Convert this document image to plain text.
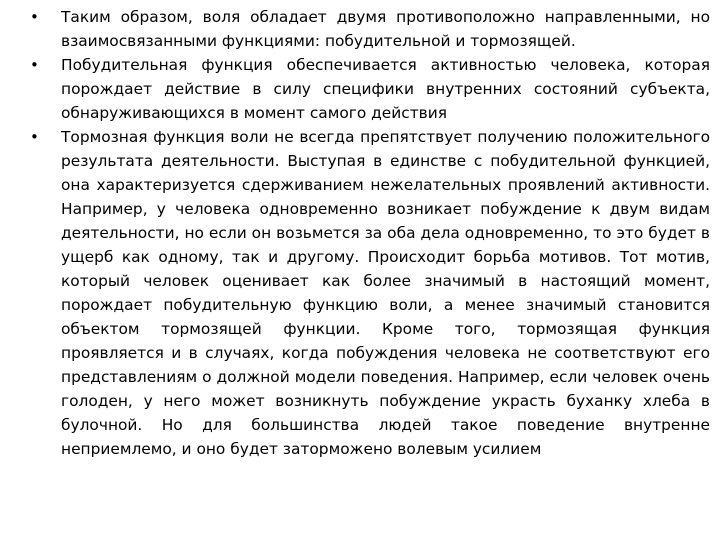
•	Таким образом, воля обладает двумя противоположно направленными, но взаимосвязанными функциями: побудительной и тормозящей.
•	Побудительная функция обеспечивается активностью человека, которая порождает действие в силу специфики внутренних состояний субъекта, обнаруживающихся в момент самого действия
•	Тормозная функция воли не всегда препятствует получению положительного результата деятельности. Выступая в единстве с побудительной функцией, она характеризуется сдерживанием нежелательных проявлений активности. Например, у человека одновременно возникает побуждение к двум видам деятельности, но если он возьмется за оба дела одновременно, то это будет в ущерб как одному, так и другому. Происходит борьба мотивов. Тот мотив, который человек оценивает как более значимый в настоящий момент, порождает побудительную функцию воли, а менее значимый становится объектом тормозящей функции. Кроме того, тормозящая функция проявляется и в случаях, когда побуждения человека не соответствуют его представлениям о должной модели поведения. Например, если человек очень голоден, у него может возникнуть побуждение украсть буханку хлеба в булочной. Но для большинства людей такое поведение внутренне неприемлемо, и оно будет заторможено волевым усилием
